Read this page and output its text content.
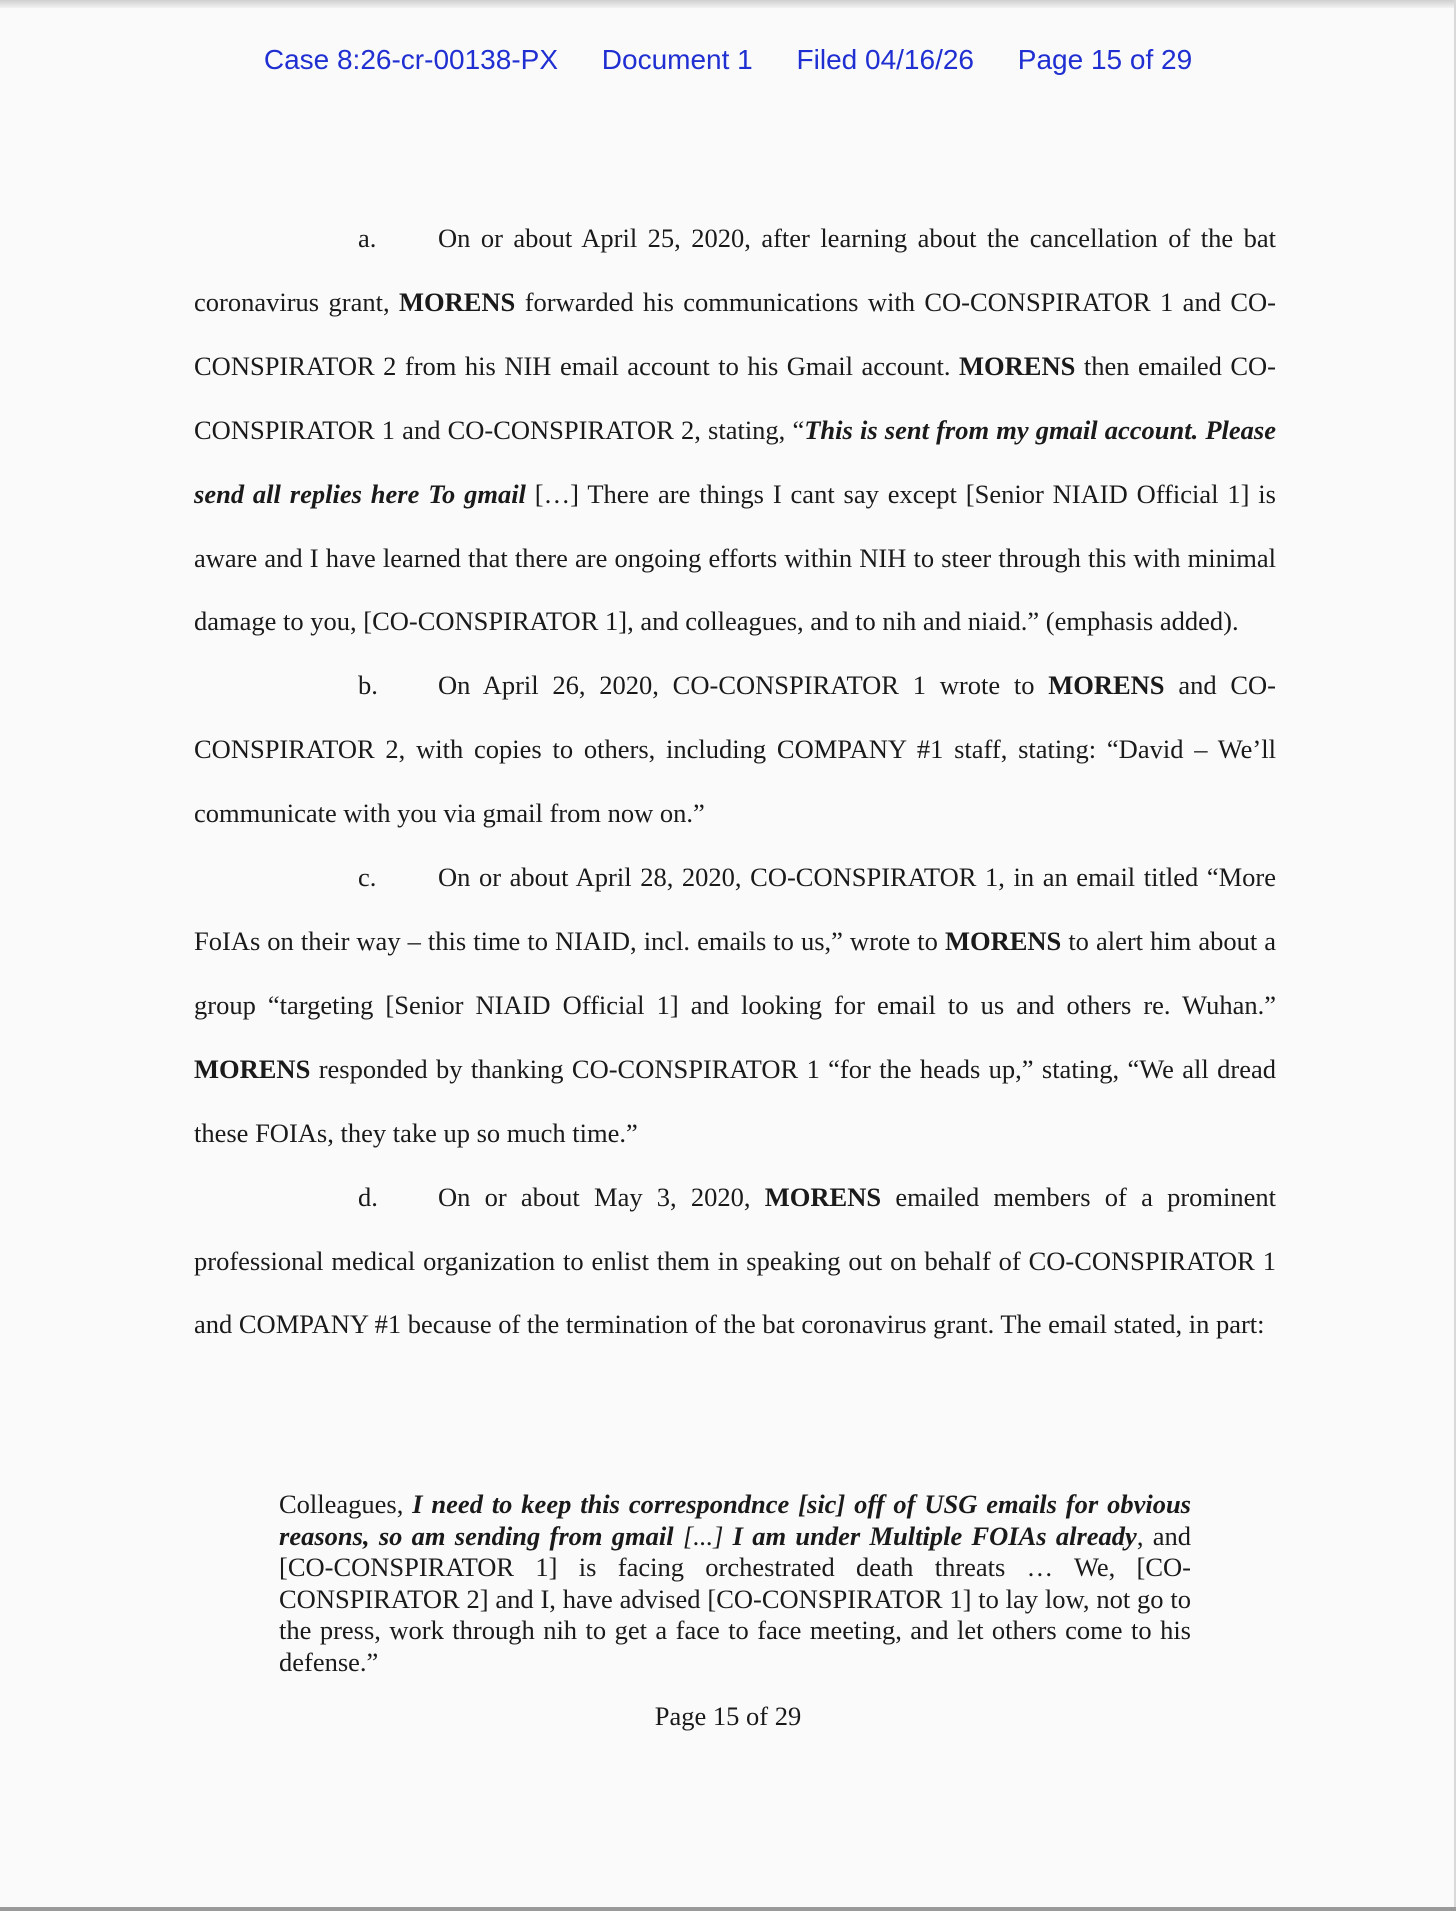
Case 8:26-cr-00138-PX Document 1 Filed 04/16/26 Page 15 of 29

a. On or about April 25, 2020, after learning about the cancellation of the bat coronavirus grant, MORENS forwarded his communications with CO-CONSPIRATOR 1 and CO-CONSPIRATOR 2 from his NIH email account to his Gmail account. MORENS then emailed CO-CONSPIRATOR 1 and CO-CONSPIRATOR 2, stating, “This is sent from my gmail account. Please send all replies here To gmail […] There are things I cant say except [Senior NIAID Official 1] is aware and I have learned that there are ongoing efforts within NIH to steer through this with minimal damage to you, [CO-CONSPIRATOR 1], and colleagues, and to nih and niaid.” (emphasis added).

b. On April 26, 2020, CO-CONSPIRATOR 1 wrote to MORENS and CO-CONSPIRATOR 2, with copies to others, including COMPANY #1 staff, stating: “David – We’ll communicate with you via gmail from now on.”

c. On or about April 28, 2020, CO-CONSPIRATOR 1, in an email titled “More FoIAs on their way – this time to NIAID, incl. emails to us,” wrote to MORENS to alert him about a group “targeting [Senior NIAID Official 1] and looking for email to us and others re. Wuhan.” MORENS responded by thanking CO-CONSPIRATOR 1 “for the heads up,” stating, “We all dread these FOIAs, they take up so much time.”

d. On or about May 3, 2020, MORENS emailed members of a prominent professional medical organization to enlist them in speaking out on behalf of CO-CONSPIRATOR 1 and COMPANY #1 because of the termination of the bat coronavirus grant. The email stated, in part:

Colleagues, I need to keep this correspondnce [sic] off of USG emails for obvious reasons, so am sending from gmail [...] I am under Multiple FOIAs already, and [CO-CONSPIRATOR 1] is facing orchestrated death threats … We, [CO-CONSPIRATOR 2] and I, have advised [CO-CONSPIRATOR 1] to lay low, not go to the press, work through nih to get a face to face meeting, and let others come to his defense.”

Page 15 of 29
